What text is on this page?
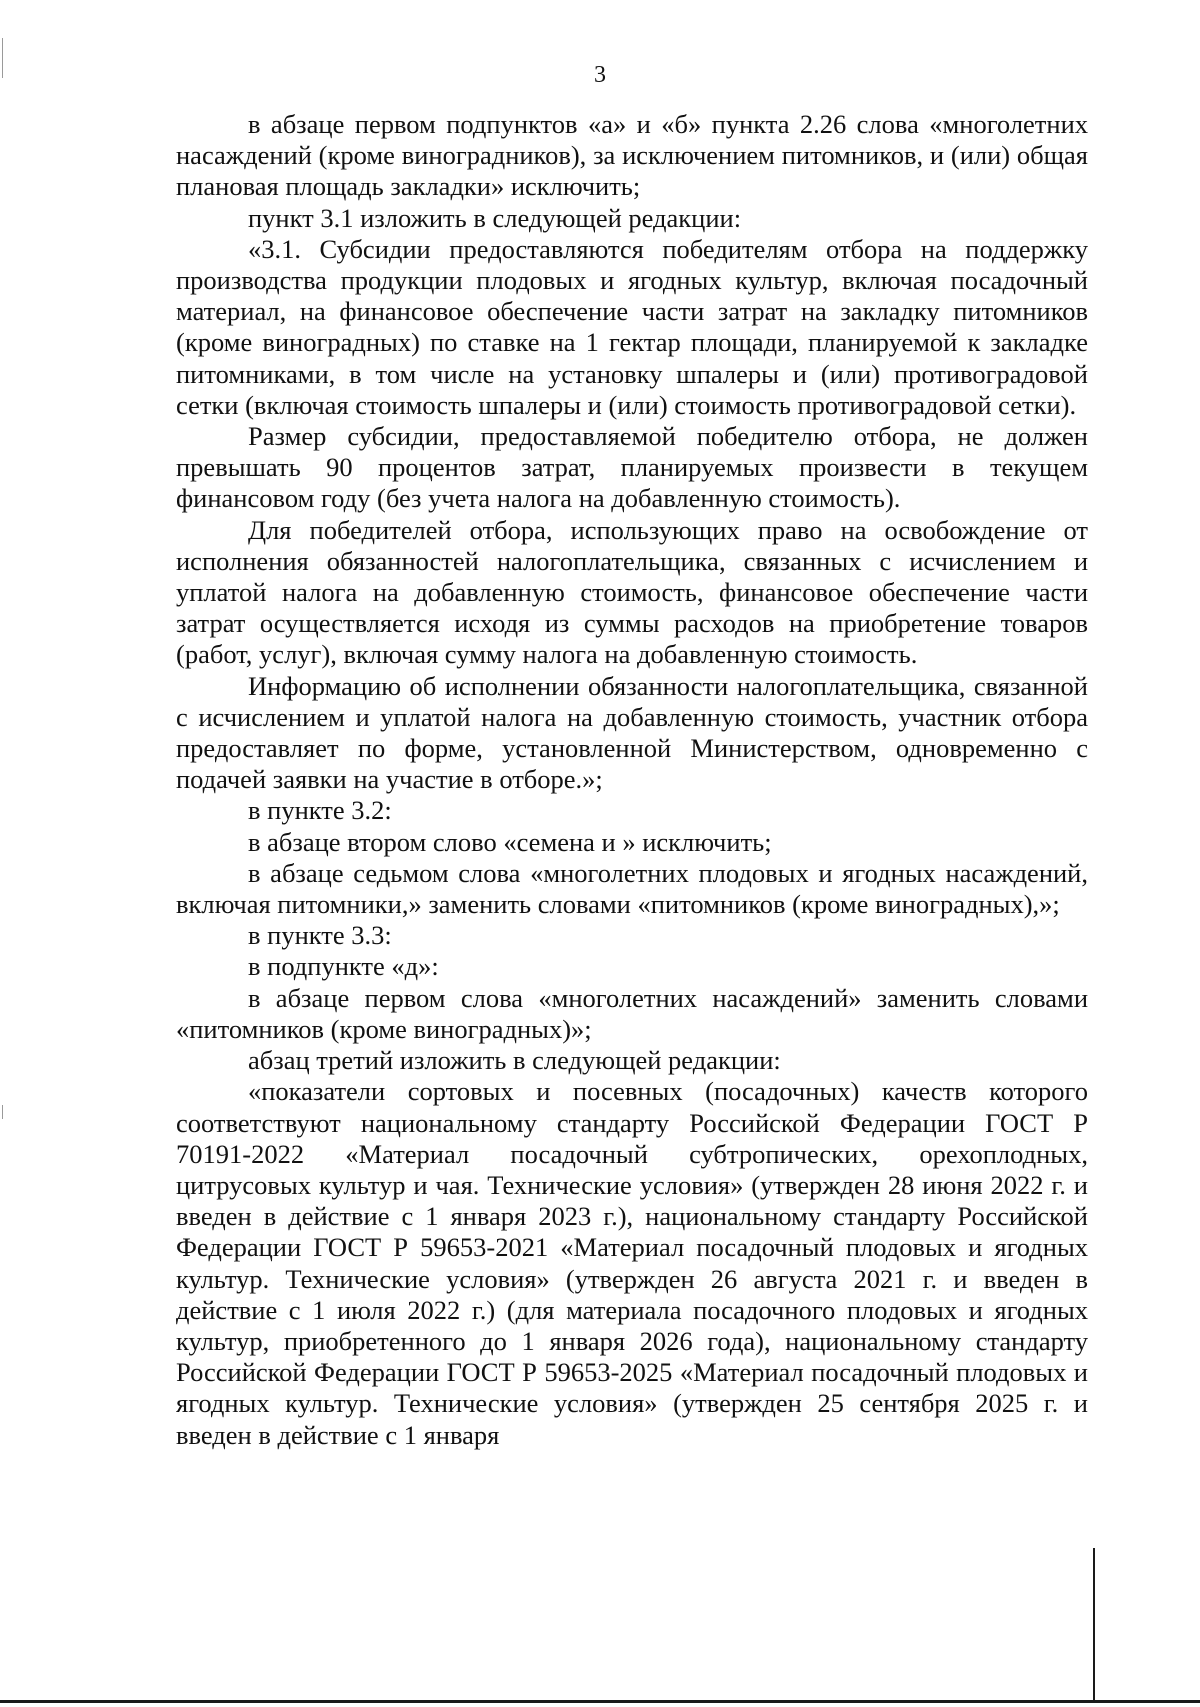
3

в абзаце первом подпунктов «а» и «б» пункта 2.26 слова «многолетних насаждений (кроме виноградников), за исключением питомников, и (или) общая плановая площадь закладки» исключить;

пункт 3.1 изложить в следующей редакции:

«3.1. Субсидии предоставляются победителям отбора на поддержку производства продукции плодовых и ягодных культур, включая посадочный материал, на финансовое обеспечение части затрат на закладку питомников (кроме виноградных) по ставке на 1 гектар площади, планируемой к закладке питомниками, в том числе на установку шпалеры и (или) противоградовой сетки (включая стоимость шпалеры и (или) стоимость противоградовой сетки).

Размер субсидии, предоставляемой победителю отбора, не должен превышать 90 процентов затрат, планируемых произвести в текущем финансовом году (без учета налога на добавленную стоимость).

Для победителей отбора, использующих право на освобождение от исполнения обязанностей налогоплательщика, связанных с исчислением и уплатой налога на добавленную стоимость, финансовое обеспечение части затрат осуществляется исходя из суммы расходов на приобретение товаров (работ, услуг), включая сумму налога на добавленную стоимость.

Информацию об исполнении обязанности налогоплательщика, связанной с исчислением и уплатой налога на добавленную стоимость, участник отбора предоставляет по форме, установленной Министерством, одновременно с подачей заявки на участие в отборе.»;

в пункте 3.2:

в абзаце втором слово «семена и » исключить;

в абзаце седьмом слова «многолетних плодовых и ягодных насаждений, включая питомники,» заменить словами «питомников (кроме виноградных),»;

в пункте 3.3:

в подпункте «д»:

в абзаце первом слова «многолетних насаждений» заменить словами «питомников (кроме виноградных)»;

абзац третий изложить в следующей редакции:

«показатели сортовых и посевных (посадочных) качеств которого соответствуют национальному стандарту Российской Федерации ГОСТ Р 70191-2022 «Материал посадочный субтропических, орехоплодных, цитрусовых культур и чая. Технические условия» (утвержден 28 июня 2022 г. и введен в действие с 1 января 2023 г.), национальному стандарту Российской Федерации ГОСТ Р 59653-2021 «Материал посадочный плодовых и ягодных культур. Технические условия» (утвержден 26 августа 2021 г. и введен в действие с 1 июля 2022 г.) (для материала посадочного плодовых и ягодных культур, приобретенного до 1 января 2026 года), национальному стандарту Российской Федерации ГОСТ Р 59653-2025 «Материал посадочный плодовых и ягодных культур. Технические условия» (утвержден 25 сентября 2025 г. и введен в действие с 1 января
